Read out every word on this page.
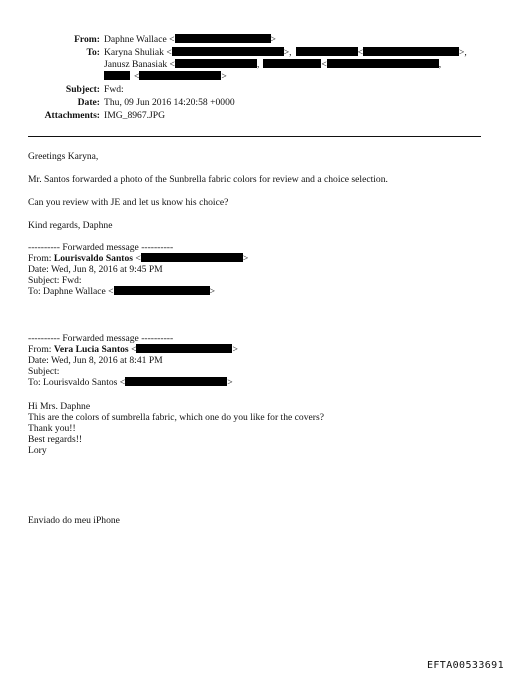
From: Daphne Wallace <	>
To: Karyna Shuliak <	>,	<	>,
Janusz Banasiak <	,	<	,
<	>
Subject: Fwd:
Date: Thu, 09 Jun 2016 14:20:58 +0000
Attachments: IMG_8967.JPG
Greetings Karyna,
Mr. Santos forwarded a photo of the Sunbrella fabric colors for review and a choice selection.
Can you review with JE and let us know his choice?
Kind regards, Daphne
---------- Forwarded message ----------
From: Lourisvaldo Santos <	>
Date: Wed, Jun 8, 2016 at 9:45 PM
Subject: Fwd:
To: Daphne Wallace <	>
---------- Forwarded message ----------
From: Vera Lucia Santos <	>
Date: Wed, Jun 8, 2016 at 8:41 PM
Subject:
To: Lourisvaldo Santos <	>
Hi Mrs. Daphne
This are the colors of sumbrella fabric, which one do you like for the covers?
Thank you!!
Best regards!!
Lory
Enviado do meu iPhone
EFTA00533691
